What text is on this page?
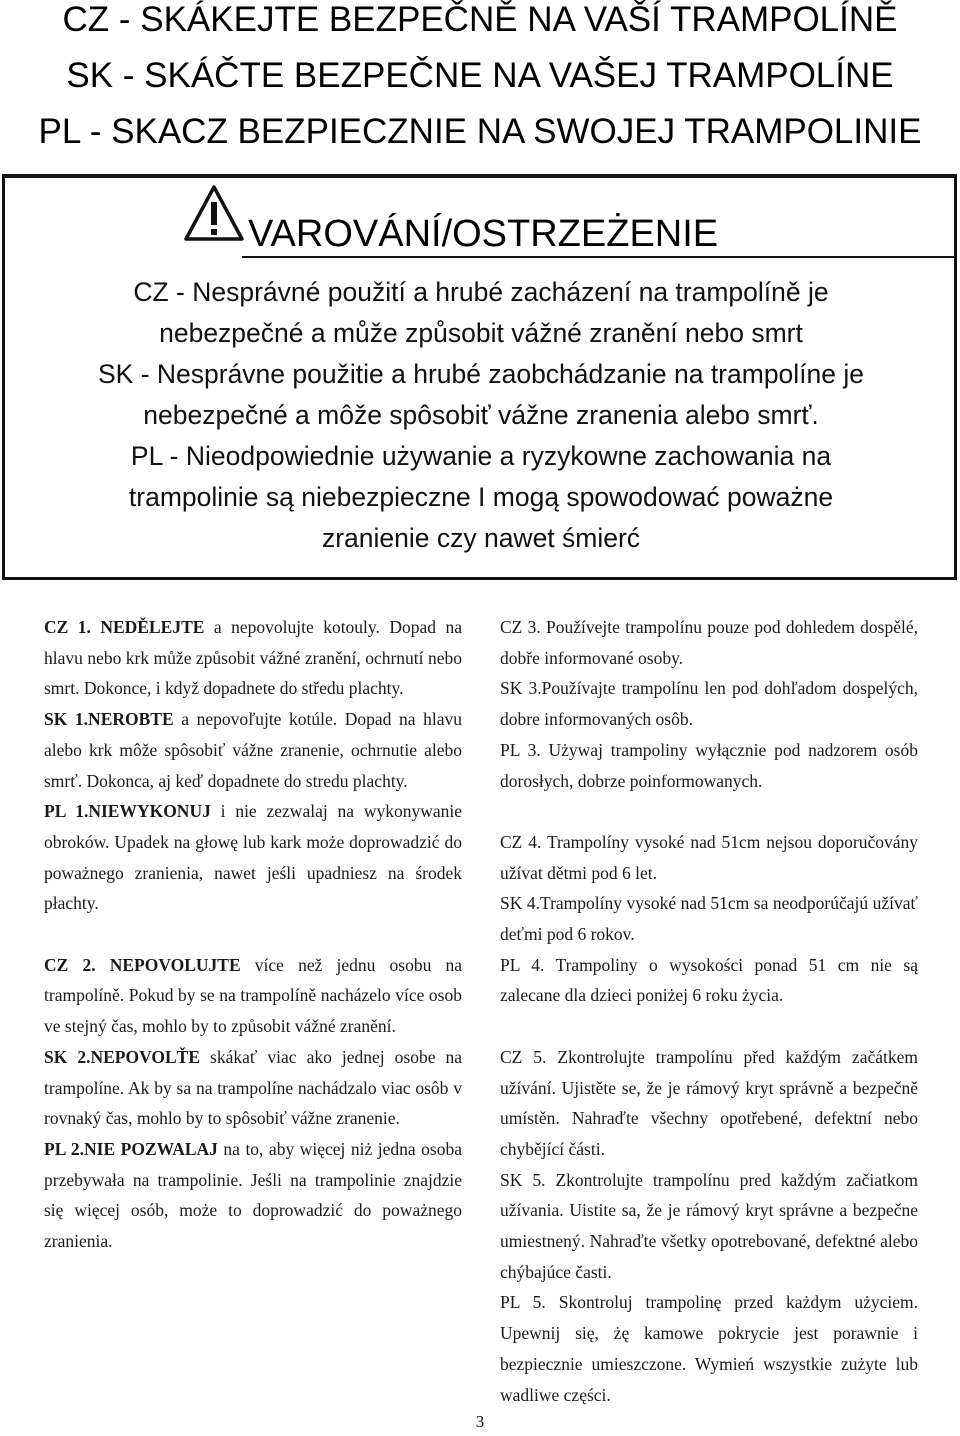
CZ - SKÁKEJTE BEZPEČNĚ NA VAŠÍ TRAMPOLÍNĚ
SK - SKÁČTE BEZPEČNE NA VAŠEJ TRAMPOLÍNE
PL - SKACZ BEZPIECZNIE NA SWOJEJ TRAMPOLINIE
VAROVÁNÍ/OSTRZEŻENIE

CZ - Nesprávné použití a hrubé zacházení na trampolíně je

nebezpečné a může způsobit vážné zranění nebo smrt

SK - Nesprávne použitie a hrubé zaobchádzanie na trampolíne je

nebezpečné a môže spôsobiť vážne zranenia alebo smrť.

PL - Nieodpowiednie używanie a ryzykowne zachowania na

trampolinie są niebezpieczne I mogą spowodować poważne

zranienie czy nawet śmierć

CZ 1. NEDĚLEJTE a nepovolujte kotouly. Dopad na hlavu nebo krk může způsobit vážné zranění, ochrnutí nebo smrt. Dokonce, i když dopadnete do středu plachty.

SK 1.NEROBTE a nepovoľujte kotúle. Dopad na hlavu alebo krk môže spôsobiť vážne zranenie, ochrnutie alebo smrť. Dokonca, aj keď dopadnete do stredu plachty.

PL 1.NIEWYKONUJ i nie zezwalaj na wykonywanie obroków. Upadek na głowę lub kark może doprowadzić do poważnego zranienia, nawet jeśli upadniesz na środek płachty.

CZ 2. NEPOVOLUJTE více než jednu osobu na trampolíně. Pokud by se na trampolíně nacházelo více osob ve stejný čas, mohlo by to způsobit vážné zranění.

SK 2.NEPOVOLŤE skákať viac ako jednej osobe na trampolíne. Ak by sa na trampolíne nachádzalo viac osôb v rovnaký čas, mohlo by to spôsobiť vážne zranenie.

PL 2.NIE POZWALAJ na to, aby więcej niż jedna osoba przebywała na trampolinie. Jeśli na trampolinie znajdzie się więcej osób, może to doprowadzić do poważnego zranienia.

CZ 3. Používejte trampolínu pouze pod dohledem dospělé, dobře informované osoby.

SK 3.Používajte trampolínu len pod dohľadom dospelých, dobre informovaných osôb.

PL 3. Używaj trampoliny wyłącznie pod nadzorem osób dorosłych, dobrze poinformowanych.

CZ 4. Trampolíny vysoké nad 51cm nejsou doporučovány užívat dětmi pod 6 let.

SK 4.Trampolíny vysoké nad 51cm sa neodporúčajú užívať deťmi pod 6 rokov.

PL 4. Trampoliny o wysokości ponad 51 cm nie są zalecane dla dzieci poniżej 6 roku życia.

CZ 5. Zkontrolujte trampolínu před každým začátkem užívání. Ujistěte se, že je rámový kryt správně a bezpečně umístěn. Nahraďte všechny opotřebené, defektní nebo chybějící části.

SK 5. Zkontrolujte trampolínu pred každým začiatkom užívania. Uistite sa, že je rámový kryt správne a bezpečne umiestnený. Nahraďte všetky opotrebované, defektné alebo chýbajúce časti.

PL 5. Skontroluj trampolinę przed każdym użyciem. Upewnij się, żę kamowe pokrycie jest porawnie i bezpiecznie umieszczone. Wymień wszystkie zużyte lub wadliwe części.

3
